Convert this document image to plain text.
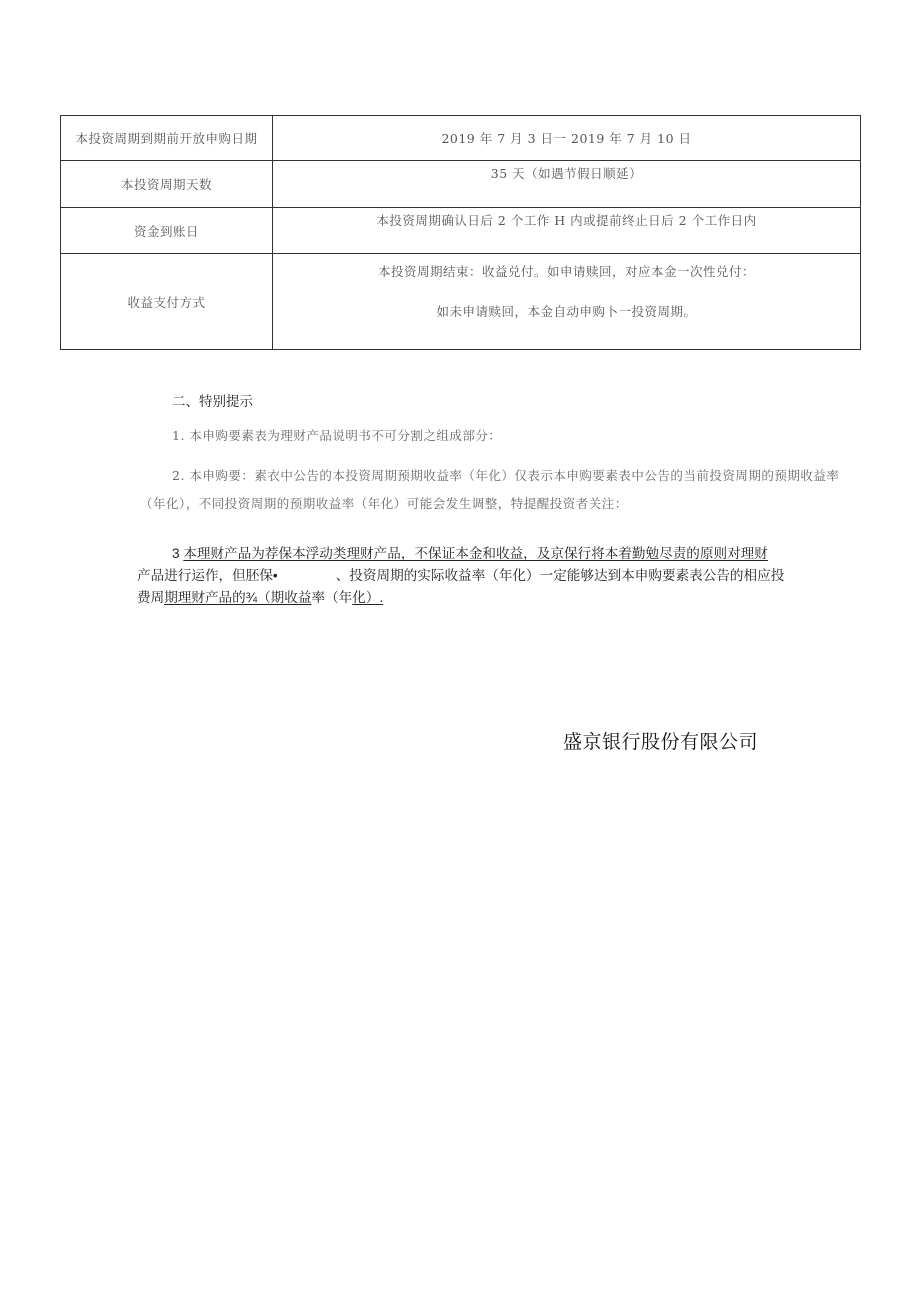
本投资周期到期前开放申购日期	2019 年 7 月 3 日一 2019 年 7 月 10 日
本投资周期天数	35 天（如遇节假日顺延）
资金到账日	本投资周期确认日后 2 个工作 H 内或提前终止日后 2 个工作日内
收益支付方式	本投资周期结束：收益兑付。如申请赎回，对应本金一次性兑付：
如未申请赎回，本金自动申购卜一投资周期。
二、特别提示
1. 本申购要素表为理财产品说明书不可分割之组成部分：
2. 本申购要：素衣中公告的本投资周期预期收益率（年化）仅表示本申购要素表中公告的当前投资周期的预期收益率
（年化），不同投资周期的预期收益率（年化）可能会发生调整，特提醒投资者关注：
3 本理财产品为荐保本浮动类理财产品，不保证本金和收益，及京保行将本着勤勉尽责的原则对理财
产品进行运作，但胚保•	、投资周期的实际收益率（年化）一定能够达到本申购要素表公告的相应投
费周期理财产品的¾（期收益率（年化）.
盛京银行股份有限公司
